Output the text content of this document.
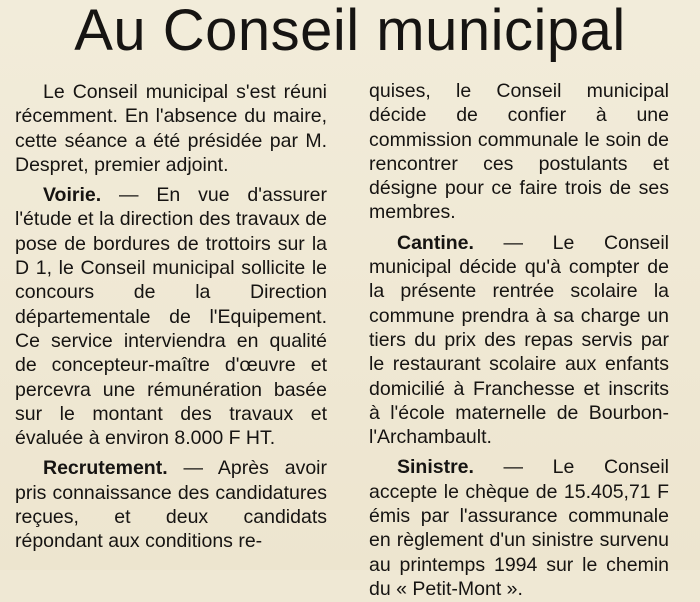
Au Conseil municipal

Le Conseil municipal s'est réuni récemment. En l'absence du maire, cette séance a été présidée par M. Despret, premier adjoint.

Voirie. — En vue d'assurer l'étude et la direction des travaux de pose de bordures de trottoirs sur la D 1, le Conseil municipal sollicite le concours de la Direction départementale de l'Equipement. Ce service interviendra en qualité de concepteur-maître d'œuvre et percevra une rémunération basée sur le montant des travaux et évaluée à environ 8.000 F HT.

Recrutement. — Après avoir pris connaissance des candidatures reçues, et deux candidats répondant aux conditions re-

quises, le Conseil municipal décide de confier à une commission communale le soin de rencontrer ces postulants et désigne pour ce faire trois de ses membres.

Cantine. — Le Conseil municipal décide qu'à compter de la présente rentrée scolaire la commune prendra à sa charge un tiers du prix des repas servis par le restaurant scolaire aux enfants domicilié à Franchesse et inscrits à l'école maternelle de Bourbon-l'Archambault.

Sinistre. — Le Conseil accepte le chèque de 15.405,71 F émis par l'assurance communale en règlement d'un sinistre survenu au printemps 1994 sur le chemin du « Petit-Mont ».
